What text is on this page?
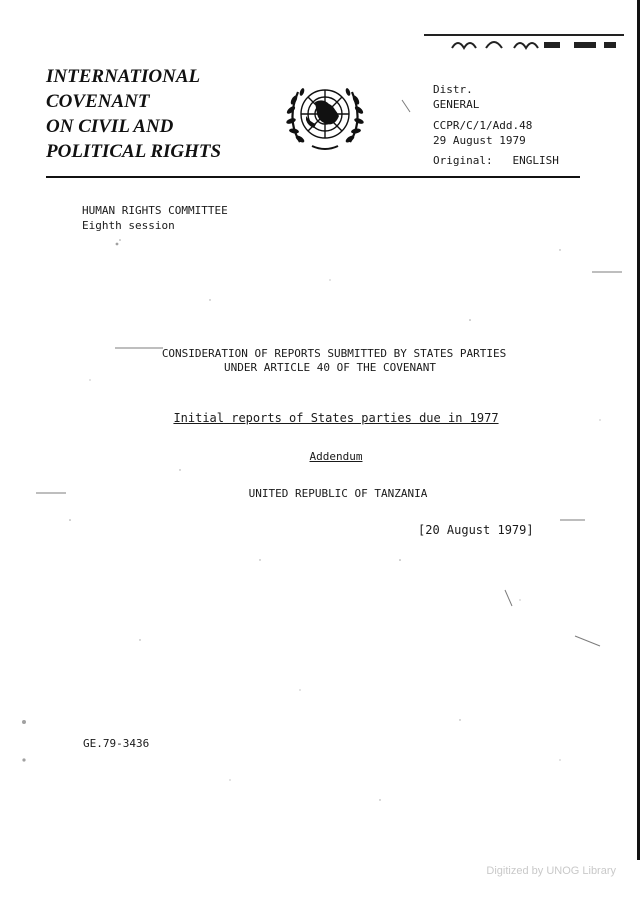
INTERNATIONAL
COVENANT
ON CIVIL AND
POLITICAL RIGHTS
Distr.
GENERAL
CCPR/C/1/Add.48
29 August 1979
Original: ENGLISH
HUMAN RIGHTS COMMITTEE
Eighth session
CONSIDERATION OF REPORTS SUBMITTED BY STATES PARTIES
UNDER ARTICLE 40 OF THE COVENANT
Initial reports of States parties due in 1977
Addendum
UNITED REPUBLIC OF TANZANIA
[20 August 1979]
GE.79-3436
Digitized by UNOG Library
